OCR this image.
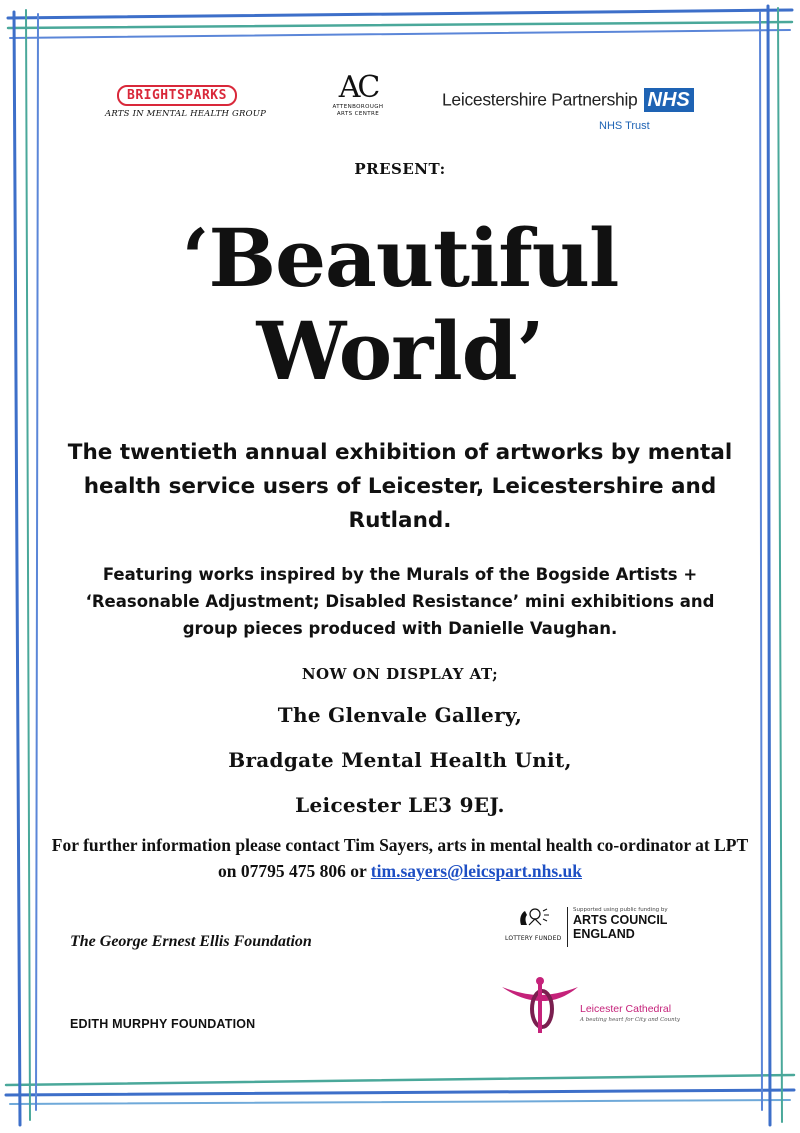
BRIGHTSPARKS
ARTS IN MENTAL HEALTH GROUP
AC
ATTENBOROUGH
ARTS CENTRE
Leicestershire Partnership NHS
NHS Trust
PRESENT:
‘Beautiful
World’
The twentieth annual exhibition of artworks by mental health service users of Leicester, Leicestershire and Rutland.
Featuring works inspired by the Murals of the Bogside Artists + ‘Reasonable Adjustment; Disabled Resistance’ mini exhibitions and group pieces produced with Danielle Vaughan.
NOW ON DISPLAY AT;
The Glenvale Gallery,
Bradgate Mental Health Unit,
Leicester LE3 9EJ.
For further information please contact Tim Sayers, arts in mental health co-ordinator at LPT on 07795 475 806 or tim.sayers@leicspart.nhs.uk
The George Ernest Ellis Foundation
EDITH MURPHY FOUNDATION
LOTTERY FUNDED
Supported using public funding by
ARTS COUNCIL
ENGLAND
Leicester Cathedral
A beating heart for City and County
